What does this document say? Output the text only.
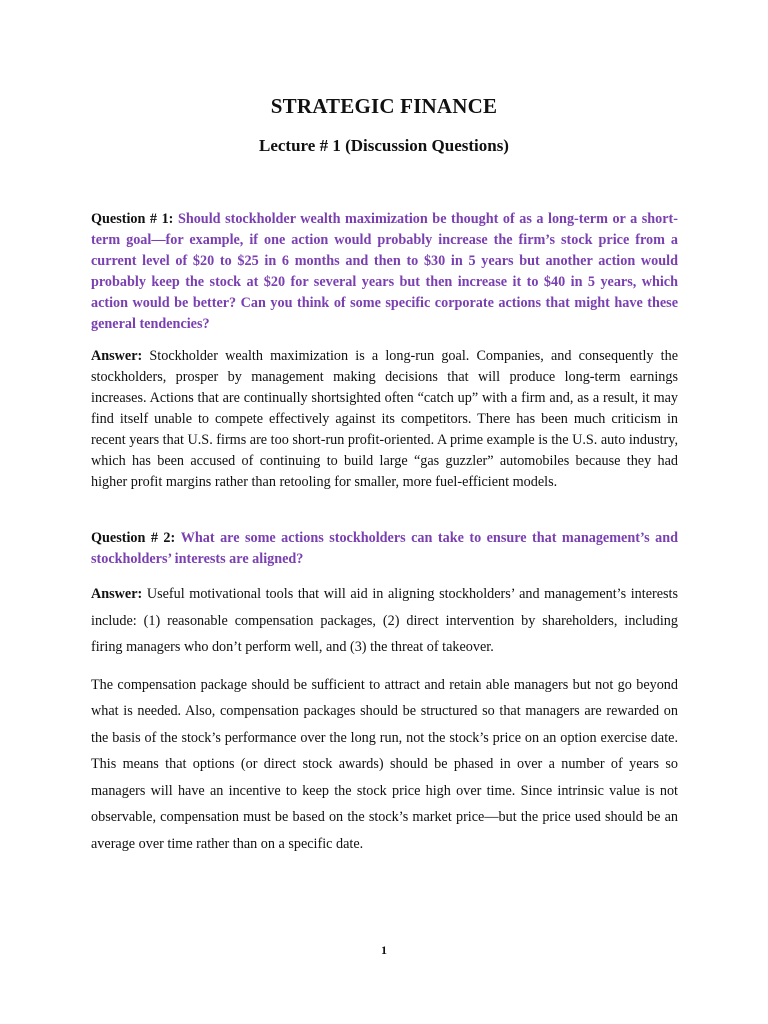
STRATEGIC FINANCE
Lecture # 1 (Discussion Questions)

Question # 1: Should stockholder wealth maximization be thought of as a long-term or a short-term goal—for example, if one action would probably increase the firm’s stock price from a current level of $20 to $25 in 6 months and then to $30 in 5 years but another action would probably keep the stock at $20 for several years but then increase it to $40 in 5 years, which action would be better? Can you think of some specific corporate actions that might have these general tendencies?

Answer: Stockholder wealth maximization is a long-run goal. Companies, and consequently the stockholders, prosper by management making decisions that will produce long-term earnings increases. Actions that are continually shortsighted often “catch up” with a firm and, as a result, it may find itself unable to compete effectively against its competitors. There has been much criticism in recent years that U.S. firms are too short-run profit-oriented. A prime example is the U.S. auto industry, which has been accused of continuing to build large “gas guzzler” automobiles because they had higher profit margins rather than retooling for smaller, more fuel-efficient models.

Question # 2: What are some actions stockholders can take to ensure that management’s and stockholders’ interests are aligned?

Answer: Useful motivational tools that will aid in aligning stockholders’ and management’s interests include: (1) reasonable compensation packages, (2) direct intervention by shareholders, including firing managers who don’t perform well, and (3) the threat of takeover.

The compensation package should be sufficient to attract and retain able managers but not go beyond what is needed. Also, compensation packages should be structured so that managers are rewarded on the basis of the stock’s performance over the long run, not the stock’s price on an option exercise date. This means that options (or direct stock awards) should be phased in over a number of years so managers will have an incentive to keep the stock price high over time. Since intrinsic value is not observable, compensation must be based on the stock’s market price—but the price used should be an average over time rather than on a specific date.

1
